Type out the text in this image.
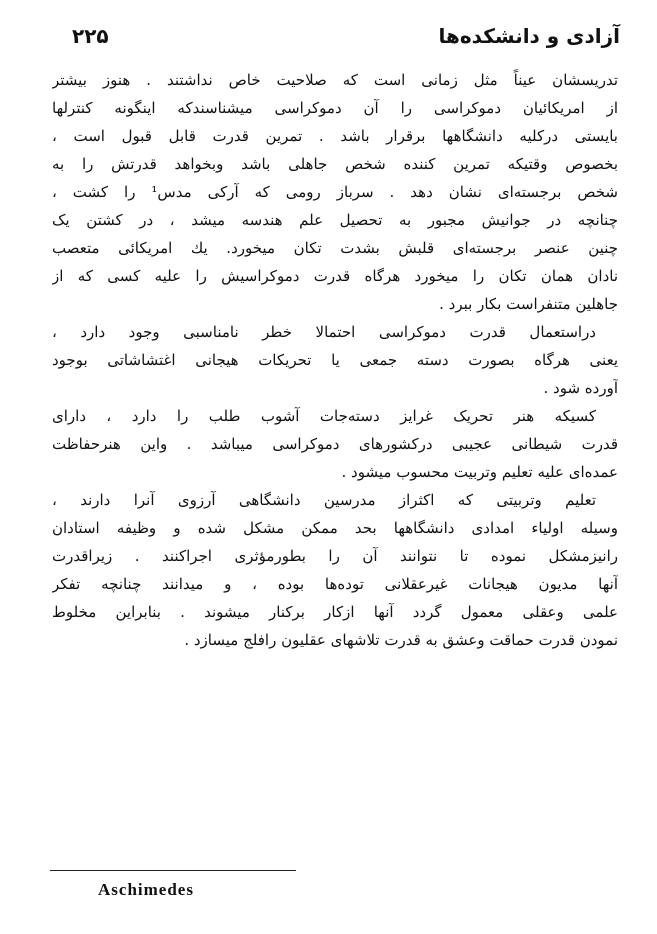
۲۲۵	آزادی و دانشکده‌ها
تدریسشان عیناً مثل زمانی است که صلاحیت خاص نداشتند . هنوز بیشتر
از امریکائیان دموکراسی را آن دموکراسی میشناسندکه اینگونه کنترلها
بایستی درکلیه دانشگاهها برقرار باشد . تمرین قدرت قابل قبول است ،
بخصوص وقتیکه تمرین کننده شخص جاهلی باشد وبخواهد قدرتش را به
شخص برجسته‌ای نشان دهد . سرباز رومی که آرکی مدس¹ را کشت ،
چنانچه در جوانیش مجبور به تحصیل علم هندسه میشد ، در کشتن یک
چنین عنصر برجسته‌ای قلبش بشدت تکان میخورد. یك امریکائی متعصب
نادان همان تکان را میخورد هرگاه قدرت دموکراسیش را علیه کسی که از
جاهلین متنفراست بکار ببرد .
دراستعمال قدرت دموکراسی احتمالا خطر نامناسبی وجود دارد ،
یعنی هرگاه بصورت دسته جمعی یا تحریکات هیجانی اغتشاشاتی بوجود
آورده شود .
کسیکه هنر تحریک غرایز دسته‌جات آشوب طلب را دارد ، دارای
قدرت شیطانی عجیبی درکشورهای دموکراسی میباشد . واین هنرحفاظت
عمده‌ای علیه تعلیم وتربیت محسوب میشود .
تعلیم وتربیتی که اکثراز مدرسین دانشگاهی آرزوی آنرا دارند ،
وسیله اولیاء امدادی دانشگاهها بحد ممکن مشکل شده و وظیفه استادان
رانیزمشکل نموده تا نتوانند آن را بطورمؤثری اجراکنند . زیراقدرت
آنها مدیون هیجانات غیرعقلانی توده‌ها بوده ، و میدانند چنانچه تفکر
علمی وعقلی معمول گردد آنها ازکار برکنار میشوند . بنابراین مخلوط
نمودن قدرت حماقت وعشق به قدرت تلاشهای عقلیون رافلج میسازد .
Aschimedes
